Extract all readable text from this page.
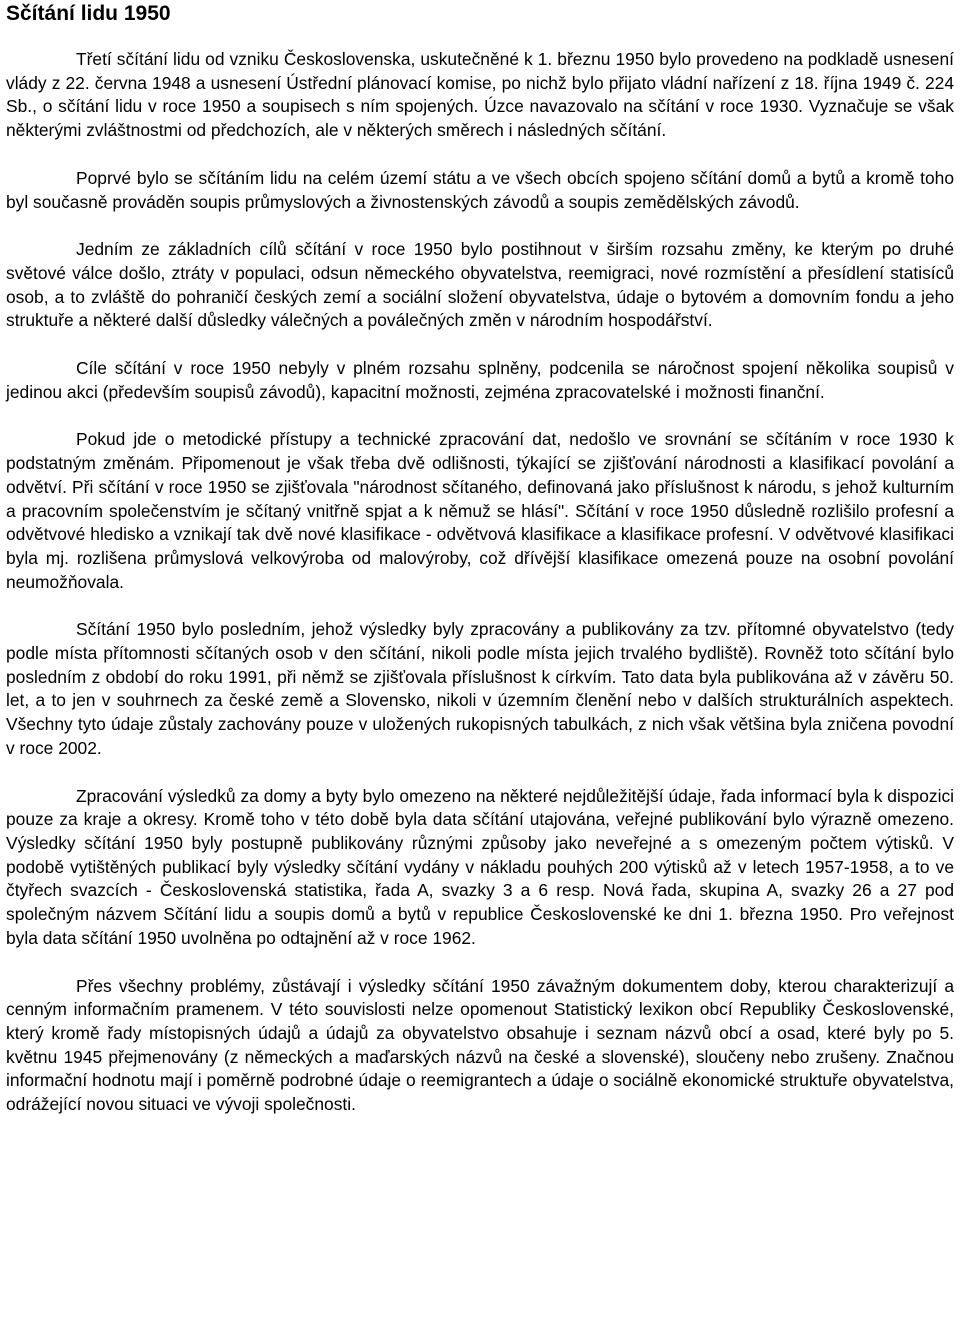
Sčítání lidu 1950

Třetí sčítání lidu od vzniku Československa, uskutečněné k 1. březnu 1950 bylo provedeno na podkladě usnesení vlády z 22. června 1948 a usnesení Ústřední plánovací komise, po nichž bylo přijato vládní nařízení z 18. října 1949 č. 224 Sb., o sčítání lidu v roce 1950 a soupisech s ním spojených. Úzce navazovalo na sčítání v roce 1930. Vyznačuje se však některými zvláštnostmi od předchozích, ale v některých směrech i následných sčítání.

Poprvé bylo se sčítáním lidu na celém území státu a ve všech obcích spojeno sčítání domů a bytů a kromě toho byl současně prováděn soupis průmyslových a živnostenských závodů a soupis zemědělských závodů.

Jedním ze základních cílů sčítání v roce 1950 bylo postihnout v širším rozsahu změny, ke kterým po druhé světové válce došlo, ztráty v populaci, odsun německého obyvatelstva, reemigraci, nové rozmístění a přesídlení statisíců osob, a to zvláště do pohraničí českých zemí a sociální složení obyvatelstva, údaje o bytovém a domovním fondu a jeho struktuře a některé další důsledky válečných a poválečných změn v národním hospodářství.

Cíle sčítání v roce 1950 nebyly v plném rozsahu splněny, podcenila se náročnost spojení několika soupisů v jedinou akci (především soupisů závodů), kapacitní možnosti, zejména zpracovatelské i možnosti finanční.

Pokud jde o metodické přístupy a technické zpracování dat, nedošlo ve srovnání se sčítáním v roce 1930 k podstatným změnám. Připomenout je však třeba dvě odlišnosti, týkající se zjišťování národnosti a klasifikací povolání a odvětví. Při sčítání v roce 1950 se zjišťovala "národnost sčítaného, definovaná jako příslušnost k národu, s jehož kulturním a pracovním společenstvím je sčítaný vnitřně spjat a k němuž se hlásí". Sčítání v roce 1950 důsledně rozlišilo profesní a odvětvové hledisko a vznikají tak dvě nové klasifikace - odvětvová klasifikace a klasifikace profesní. V odvětvové klasifikaci byla mj. rozlišena průmyslová velkovýroba od malovýroby, což dřívější klasifikace omezená pouze na osobní povolání neumožňovala.

Sčítání 1950 bylo posledním, jehož výsledky byly zpracovány a publikovány za tzv. přítomné obyvatelstvo (tedy podle místa přítomnosti sčítaných osob v den sčítání, nikoli podle místa jejich trvalého bydliště). Rovněž toto sčítání bylo posledním z období do roku 1991, při němž se zjišťovala příslušnost k církvím. Tato data byla publikována až v závěru 50. let, a to jen v souhrnech za české země a Slovensko, nikoli v územním členění nebo v dalších strukturálních aspektech. Všechny tyto údaje zůstaly zachovány pouze v uložených rukopisných tabulkách, z nich však většina byla zničena povodní v roce 2002.

Zpracování výsledků za domy a byty bylo omezeno na některé nejdůležitější údaje, řada informací byla k dispozici pouze za kraje a okresy. Kromě toho v této době byla data sčítání utajována, veřejné publikování bylo výrazně omezeno. Výsledky sčítání 1950 byly postupně publikovány různými způsoby jako neveřejné a s omezeným počtem výtisků. V podobě vytištěných publikací byly výsledky sčítání vydány v nákladu pouhých 200 výtisků až v letech 1957-1958, a to ve čtyřech svazcích - Československá statistika, řada A, svazky 3 a 6 resp. Nová řada, skupina A, svazky 26 a 27 pod společným názvem Sčítání lidu a soupis domů a bytů v republice Československé ke dni 1. března 1950. Pro veřejnost byla data sčítání 1950 uvolněna po odtajnění až v roce 1962.

Přes všechny problémy, zůstávají i výsledky sčítání 1950 závažným dokumentem doby, kterou charakterizují a cenným informačním pramenem. V této souvislosti nelze opomenout Statistický lexikon obcí Republiky Československé, který kromě řady místopisných údajů a údajů za obyvatelstvo obsahuje i seznam názvů obcí a osad, které byly po 5. květnu 1945 přejmenovány (z německých a maďarských názvů na české a slovenské), sloučeny nebo zrušeny. Značnou informační hodnotu mají i poměrně podrobné údaje o reemigrantech a údaje o sociálně ekonomické struktuře obyvatelstva, odrážející novou situaci ve vývoji společnosti.
